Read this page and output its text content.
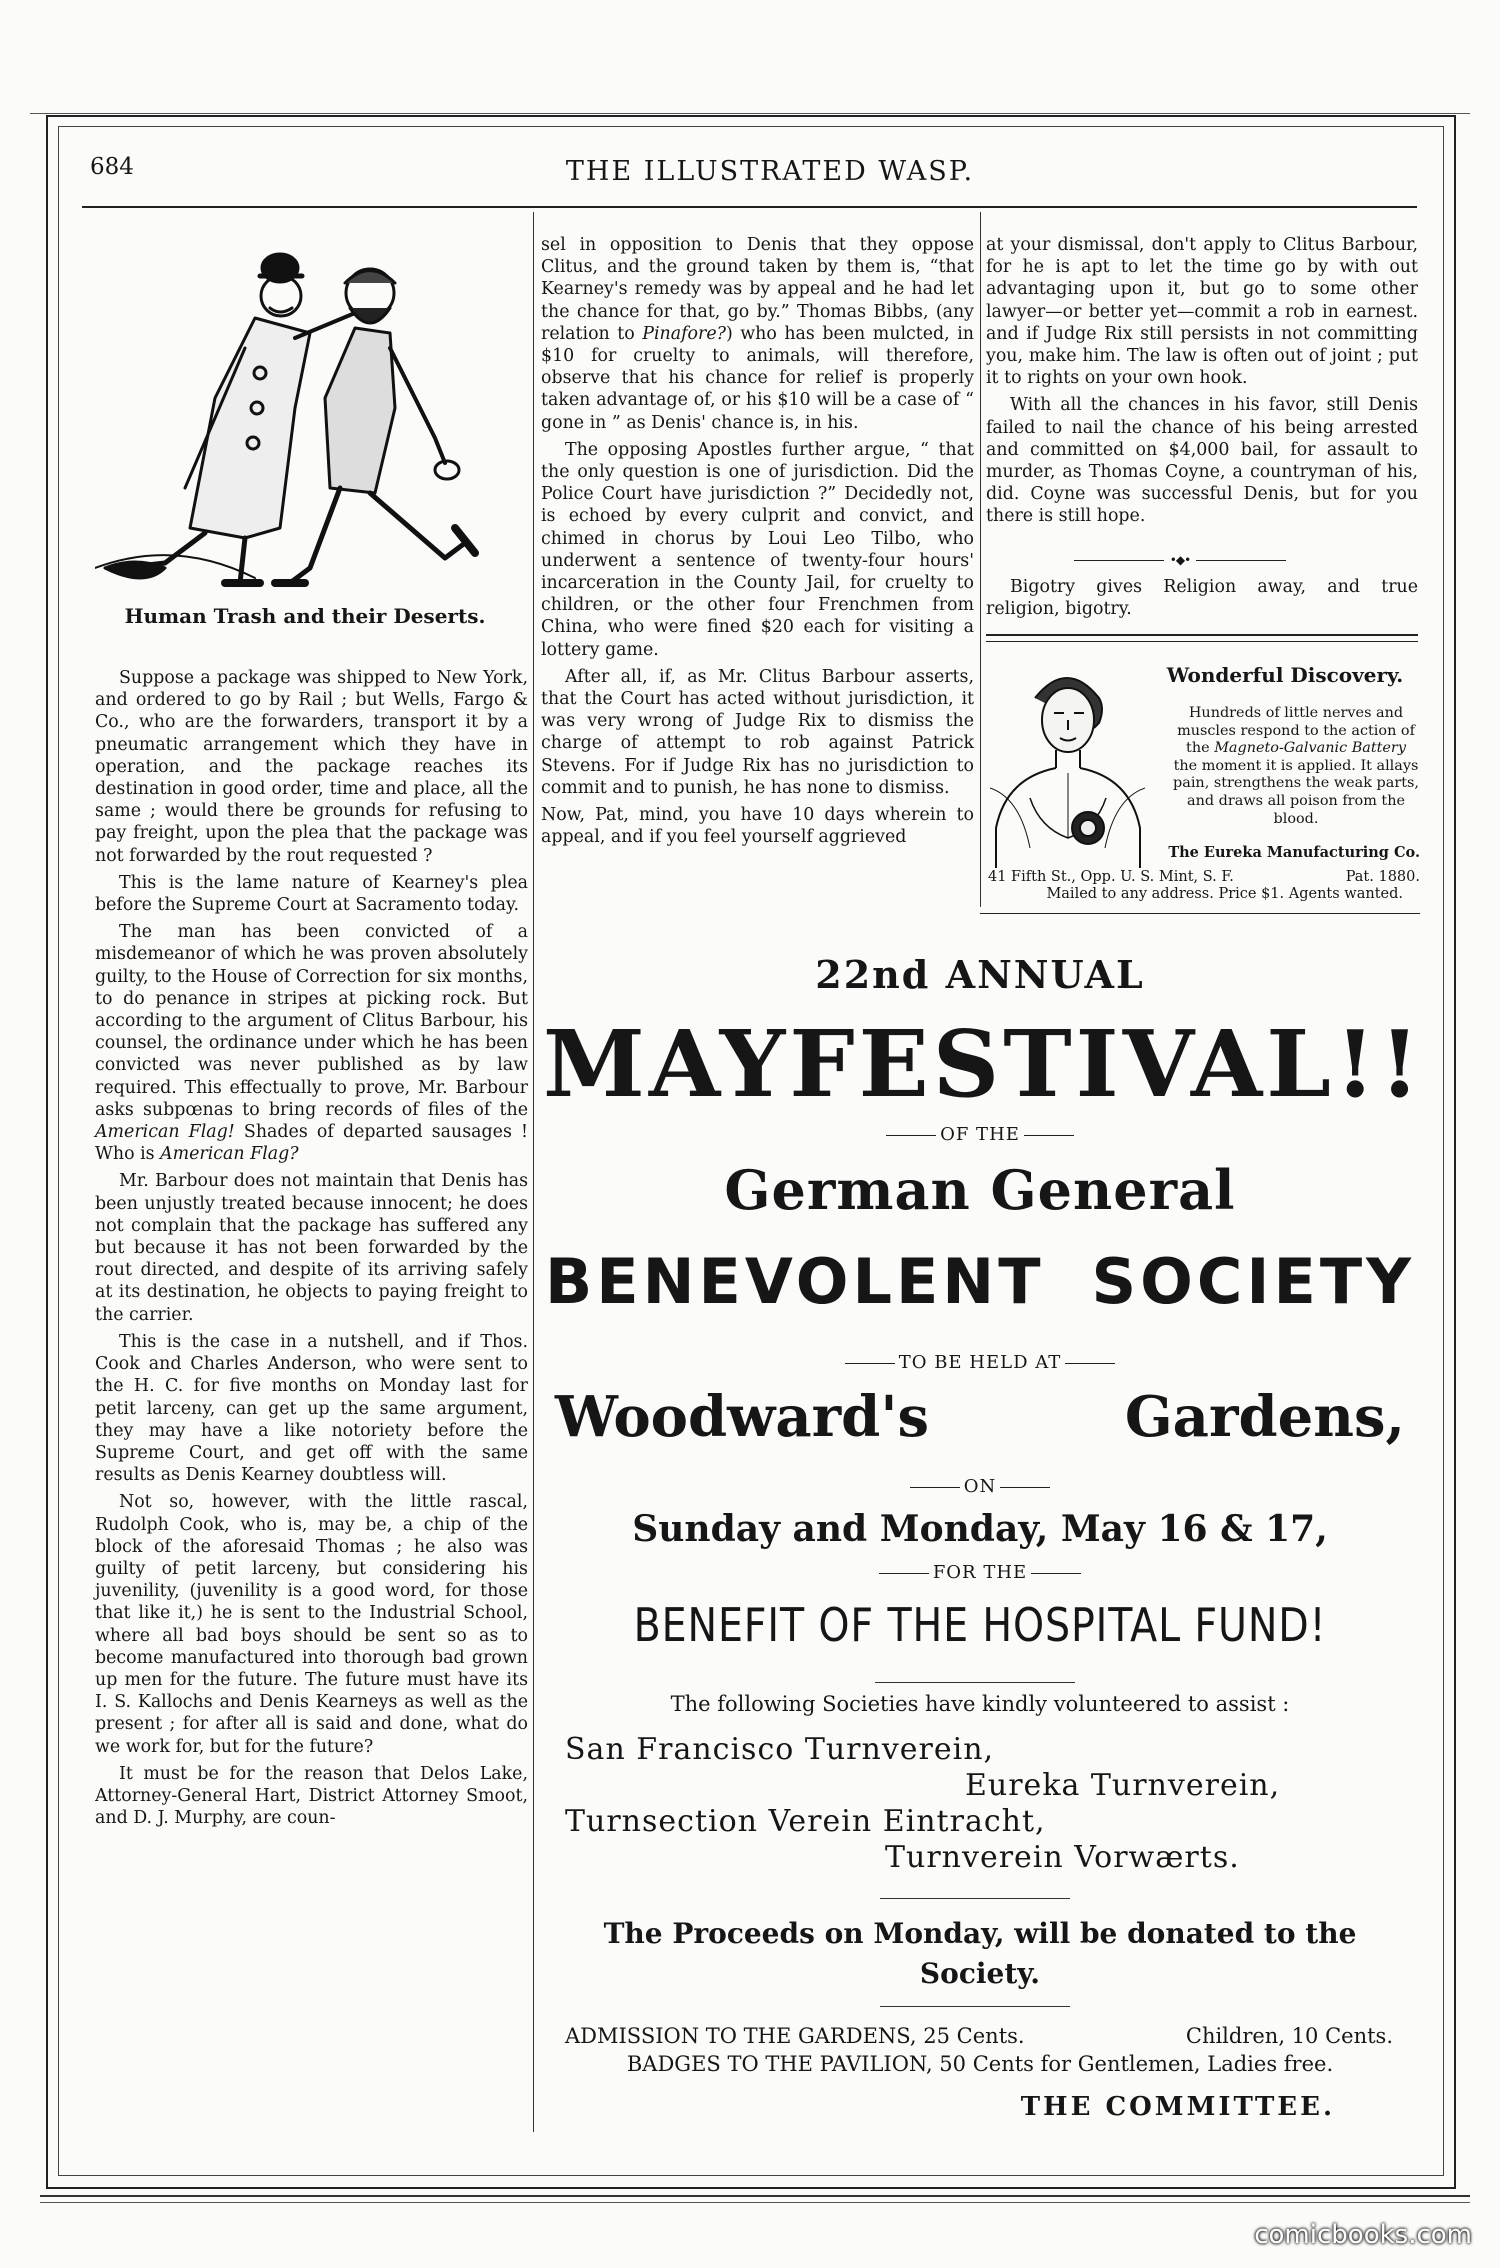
684	THE ILLUSTRATED WASP.
Human Trash and their Deserts.

Suppose a package was shipped to New York, and ordered to go by Rail ; but Wells, Fargo & Co., who are the forwarders, transport it by a pneumatic arrangement which they have in operation, and the package reaches its destination in good order, time and place, all the same ; would there be grounds for refusing to pay freight, upon the plea that the package was not forwarded by the rout requested ?

This is the lame nature of Kearney's plea before the Supreme Court at Sacramento today.

The man has been convicted of a misdemeanor of which he was proven absolutely guilty, to the House of Correction for six months, to do penance in stripes at picking rock. But according to the argument of Clitus Barbour, his counsel, the ordinance under which he has been convicted was never published as by law required. This effectually to prove, Mr. Barbour asks subpœnas to bring records of files of the American Flag! Shades of departed sausages ! Who is American Flag?

Mr. Barbour does not maintain that Denis has been unjustly treated because innocent; he does not complain that the package has suffered any but because it has not been forwarded by the rout directed, and despite of its arriving safely at its destination, he objects to paying freight to the carrier.

This is the case in a nutshell, and if Thos. Cook and Charles Anderson, who were sent to the H. C. for five months on Monday last for petit larceny, can get up the same argument, they may have a like notoriety before the Supreme Court, and get off with the same results as Denis Kearney doubtless will.

Not so, however, with the little rascal, Rudolph Cook, who is, may be, a chip of the block of the aforesaid Thomas ; he also was guilty of petit larceny, but considering his juvenility, (juvenility is a good word, for those that like it,) he is sent to the Industrial School, where all bad boys should be sent so as to become manufactured into thorough bad grown up men for the future. The future must have its I. S. Kallochs and Denis Kearneys as well as the present ; for after all is said and done, what do we work for, but for the future?

It must be for the reason that Delos Lake, Attorney-General Hart, District Attorney Smoot, and D. J. Murphy, are coun-

sel in opposition to Denis that they oppose Clitus, and the ground taken by them is, “that Kearney's remedy was by appeal and he had let the chance for that, go by.” Thomas Bibbs, (any relation to Pinafore?) who has been mulcted, in $10 for cruelty to animals, will therefore, observe that his chance for relief is properly taken advantage of, or his $10 will be a case of “ gone in ” as Denis' chance is, in his.

The opposing Apostles further argue, “ that the only question is one of jurisdiction. Did the Police Court have jurisdiction ?” Decidedly not, is echoed by every culprit and convict, and chimed in chorus by Loui Leo Tilbo, who underwent a sentence of twenty-four hours' incarceration in the County Jail, for cruelty to children, or the other four Frenchmen from China, who were fined $20 each for visiting a lottery game.

After all, if, as Mr. Clitus Barbour asserts, that the Court has acted without jurisdiction, it was very wrong of Judge Rix to dismiss the charge of attempt to rob against Patrick Stevens. For if Judge Rix has no jurisdiction to commit and to punish, he has none to dismiss.

Now, Pat, mind, you have 10 days wherein to appeal, and if you feel yourself aggrieved

at your dismissal, don't apply to Clitus Barbour, for he is apt to let the time go by with out advantaging upon it, but go to some other lawyer—or better yet—commit a rob in earnest. and if Judge Rix still persists in not committing you, make him. The law is often out of joint ; put it to rights on your own hook.

With all the chances in his favor, still Denis failed to nail the chance of his being arrested and committed on $4,000 bail, for assault to murder, as Thomas Coyne, a countryman of his, did. Coyne was successful Denis, but for you there is still hope.

•◆•

Bigotry gives Religion away, and true religion, bigotry.

Wonderful Discovery.
Hundreds of little nerves and muscles respond to the action of the Magneto-Galvanic Battery the moment it is applied. It allays pain, strengthens the weak parts, and draws all poison from the blood.
The Eureka Manufacturing Co.
41 Fifth St., Opp. U. S. Mint, S. F.	Pat. 1880.
Mailed to any address. Price $1. Agents wanted.
22nd ANNUAL
MAY FESTIVAL!!
OF THE
German General
BENEVOLENT SOCIETY
TO BE HELD AT
Woodward's	Gardens,
ON
Sunday and Monday, May 16 & 17,
FOR THE
BENEFIT OF THE HOSPITAL FUND!
The following Societies have kindly volunteered to assist :
San Francisco Turnverein,
Eureka Turnverein,
Turnsection Verein Eintracht,
Turnverein Vorwærts.
The Proceeds on Monday, will be donated to the
Society.
ADMISSION TO THE GARDENS, 25 Cents.	Children, 10 Cents.
BADGES TO THE PAVILION, 50 Cents for Gentlemen, Ladies free.
THE COMMITTEE.
comicbooks.com
